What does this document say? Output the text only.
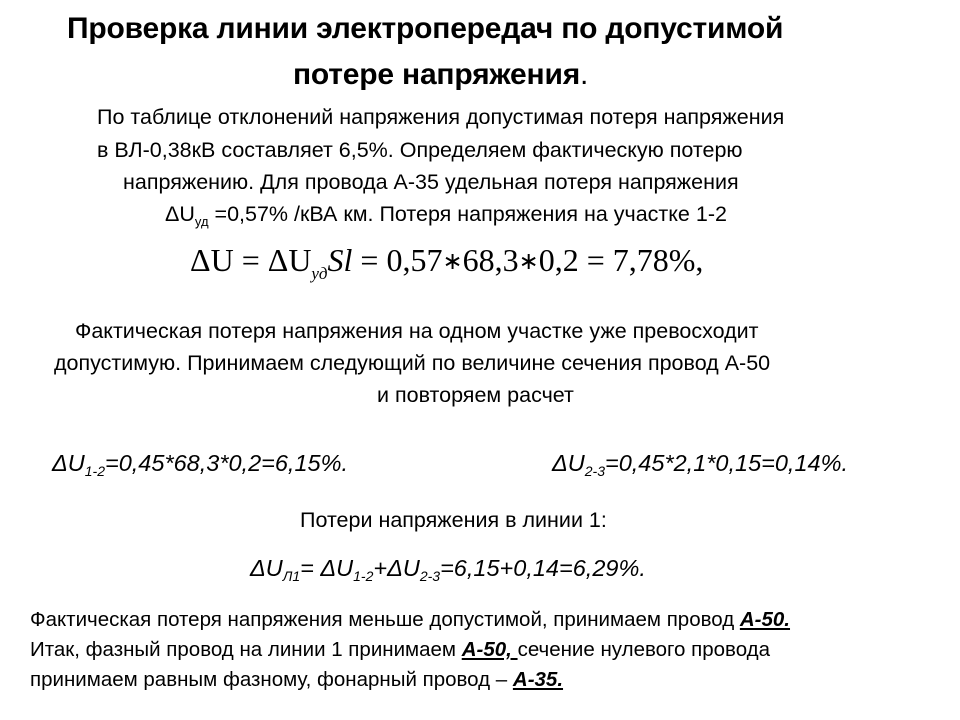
Проверка линии электропередач по допустимой
потере напряжения.
По таблице отклонений напряжения допустимая потеря напряжения
в ВЛ-0,38кВ составляет 6,5%. Определяем фактическую потерю
напряжению. Для провода А-35 удельная потеря напряжения
$\Delta U_{уд} =0,57\%$ /кВА км. Потеря напряжения на участке 1-2
$\Delta U = \Delta U_{уд}Sl$ = 0,57∗68,3∗0,2 = 7,78%,
Фактическая потеря напряжения на одном участке уже превосходит
допустимую. Принимаем следующий по величине сечения провод А-50
и повторяем расчет
$\Delta U_{1-2}=0,45*68,3*0,2=6,15\%$.	$\Delta U_{2-3}=0,45*2,1*0,15=0,14\%$.
Потери напряжения в линии 1:
$\Delta U_{Л1}= \Delta U_{1-2}+\Delta U_{2-3}=6,15+0,14=6,29\%$.
Фактическая потеря напряжения меньше допустимой, принимаем провод А-50.
Итак, фазный провод на линии 1 принимаем А-50, сечение нулевого провода
принимаем равным фазному, фонарный провод – А-35.
